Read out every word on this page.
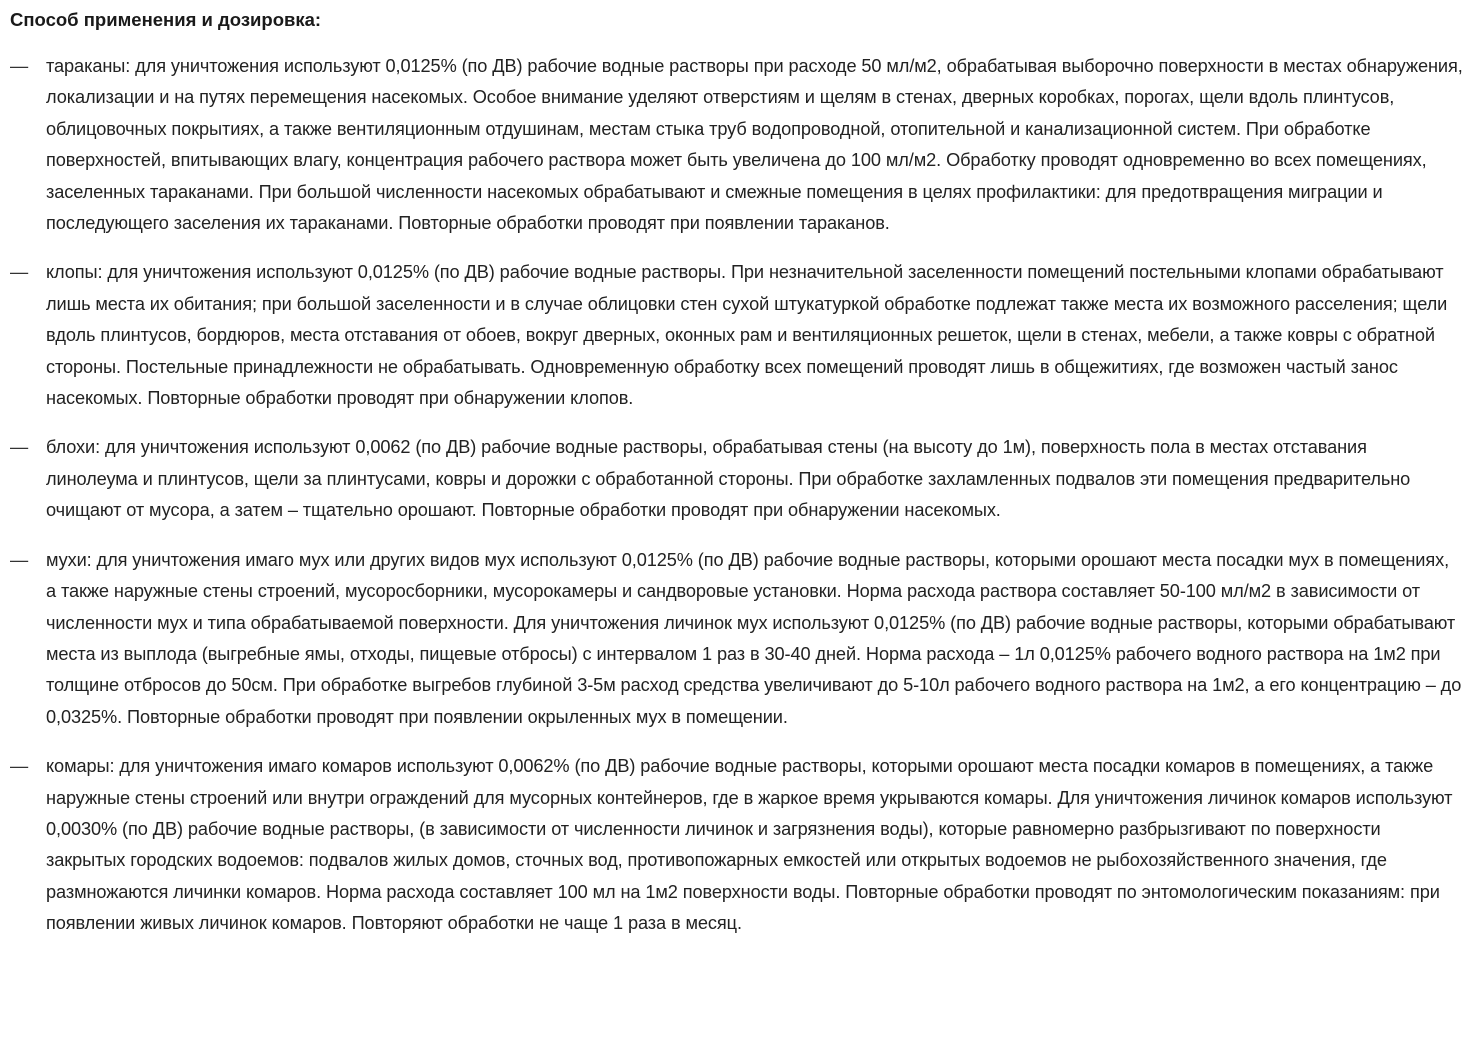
Способ применения и дозировка:
— тараканы: для уничтожения используют 0,0125% (по ДВ) рабочие водные растворы при расходе 50 мл/м2, обрабатывая выборочно поверхности в местах обнаружения, локализации и на путях перемещения насекомых. Особое внимание уделяют отверстиям и щелям в стенах, дверных коробках, порогах, щели вдоль плинтусов, облицовочных покрытиях, а также вентиляционным отдушинам, местам стыка труб водопроводной, отопительной и канализационной систем. При обработке поверхностей, впитывающих влагу, концентрация рабочего раствора может быть увеличена до 100 мл/м2. Обработку проводят одновременно во всех помещениях, заселенных тараканами. При большой численности насекомых обрабатывают и смежные помещения в целях профилактики: для предотвращения миграции и последующего заселения их тараканами. Повторные обработки проводят при появлении тараканов.
— клопы: для уничтожения используют 0,0125% (по ДВ) рабочие водные растворы. При незначительной заселенности помещений постельными клопами обрабатывают лишь места их обитания; при большой заселенности и в случае облицовки стен сухой штукатуркой обработке подлежат также места их возможного расселения; щели вдоль плинтусов, бордюров, места отставания от обоев, вокруг дверных, оконных рам и вентиляционных решеток, щели в стенах, мебели, а также ковры с обратной стороны. Постельные принадлежности не обрабатывать. Одновременную обработку всех помещений проводят лишь в общежитиях, где возможен частый занос насекомых. Повторные обработки проводят при обнаружении клопов.
— блохи: для уничтожения используют 0,0062 (по ДВ) рабочие водные растворы, обрабатывая стены (на высоту до 1м), поверхность пола в местах отставания линолеума и плинтусов, щели за плинтусами, ковры и дорожки с обработанной стороны. При обработке захламленных подвалов эти помещения предварительно очищают от мусора, а затем – тщательно орошают. Повторные обработки проводят при обнаружении насекомых.
— мухи: для уничтожения имаго мух или других видов мух используют 0,0125% (по ДВ) рабочие водные растворы, которыми орошают места посадки мух в помещениях, а также наружные стены строений, мусоросборники, мусорокамеры и сандворовые установки. Норма расхода раствора составляет 50-100 мл/м2 в зависимости от численности мух и типа обрабатываемой поверхности. Для уничтожения личинок мух используют 0,0125% (по ДВ) рабочие водные растворы, которыми обрабатывают места из выплода (выгребные ямы, отходы, пищевые отбросы) с интервалом 1 раз в 30-40 дней. Норма расхода – 1л 0,0125% рабочего водного раствора на 1м2 при толщине отбросов до 50см. При обработке выгребов глубиной 3-5м расход средства увеличивают до 5-10л рабочего водного раствора на 1м2, а его концентрацию – до 0,0325%. Повторные обработки проводят при появлении окрыленных мух в помещении.
— комары: для уничтожения имаго комаров используют 0,0062% (по ДВ) рабочие водные растворы, которыми орошают места посадки комаров в помещениях, а также наружные стены строений или внутри ограждений для мусорных контейнеров, где в жаркое время укрываются комары. Для уничтожения личинок комаров используют 0,0030% (по ДВ) рабочие водные растворы, (в зависимости от численности личинок и загрязнения воды), которые равномерно разбрызгивают по поверхности закрытых городских водоемов: подвалов жилых домов, сточных вод, противопожарных емкостей или открытых водоемов не рыбохозяйственного значения, где размножаются личинки комаров. Норма расхода составляет 100 мл на 1м2 поверхности воды. Повторные обработки проводят по энтомологическим показаниям: при появлении живых личинок комаров. Повторяют обработки не чаще 1 раза в месяц.
